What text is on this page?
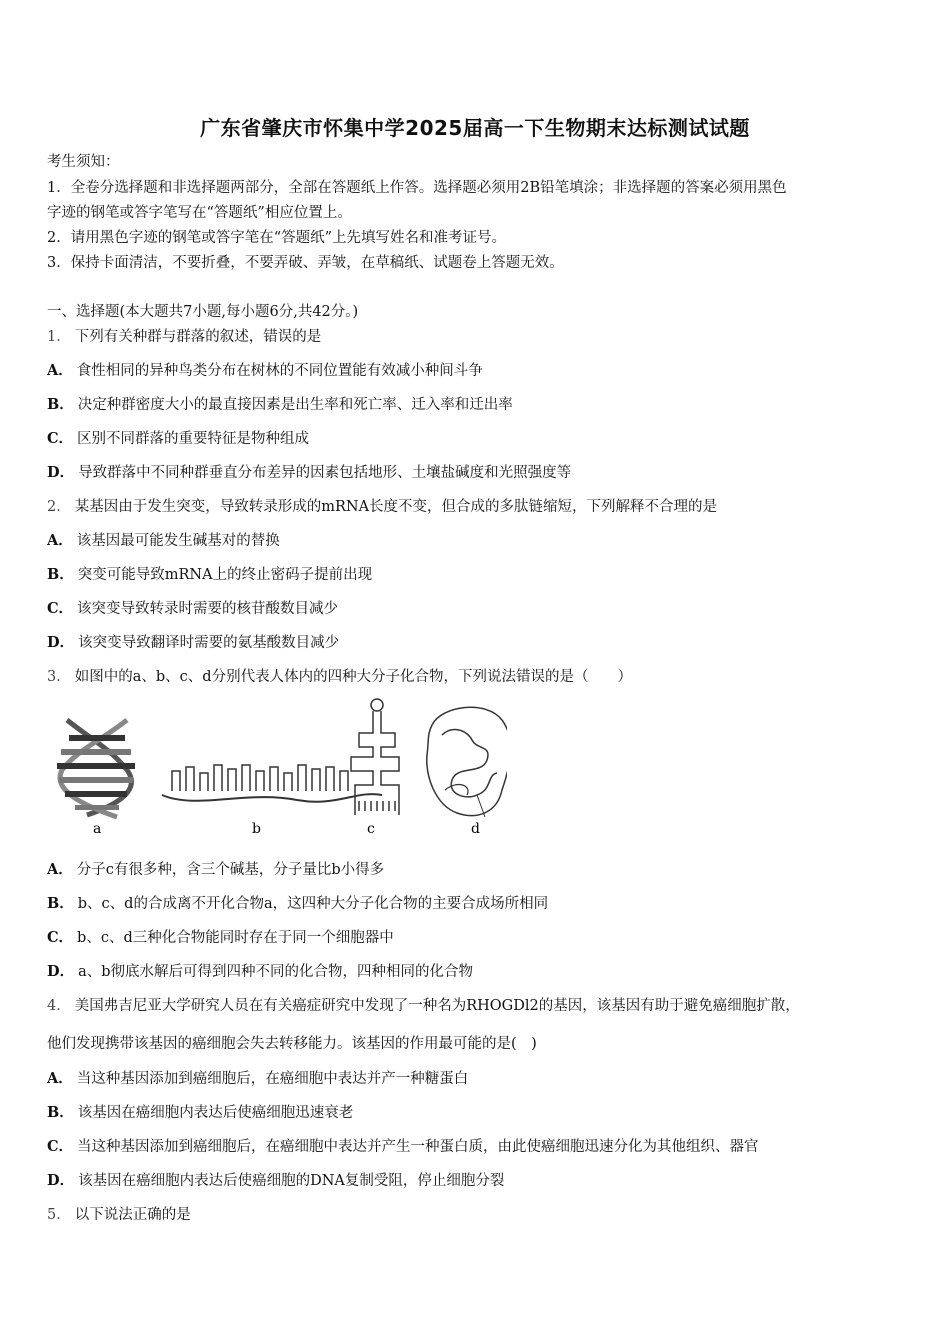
广东省肇庆市怀集中学2025届高一下生物期末达标测试试题
考生须知：
1．全卷分选择题和非选择题两部分，全部在答题纸上作答。选择题必须用2B铅笔填涂；非选择题的答案必须用黑色
字迹的钢笔或答字笔写在“答题纸”相应位置上。
2．请用黑色字迹的钢笔或答字笔在“答题纸”上先填写姓名和准考证号。
3．保持卡面清洁，不要折叠，不要弄破、弄皱，在草稿纸、试题卷上答题无效。
一、选择题(本大题共7小题,每小题6分,共42分。)
1． 下列有关种群与群落的叙述，错误的是
A． 食性相同的异种鸟类分布在树林的不同位置能有效减小种间斗争
B． 决定种群密度大小的最直接因素是出生率和死亡率、迁入率和迁出率
C． 区别不同群落的重要特征是物种组成
D． 导致群落中不同种群垂直分布差异的因素包括地形、土壤盐碱度和光照强度等
2． 某基因由于发生突变，导致转录形成的mRNA长度不变，但合成的多肽链缩短，下列解释不合理的是
A． 该基因最可能发生碱基对的替换
B． 突变可能导致mRNA上的终止密码子提前出现
C． 该突变导致转录时需要的核苷酸数目减少
D． 该突变导致翻译时需要的氨基酸数目减少
3． 如图中的a、b、c、d分别代表人体内的四种大分子化合物，下列说法错误的是（　　）
a	b	c	d
A． 分子c有很多种，含三个碱基，分子量比b小得多
B． b、c、d的合成离不开化合物a，这四种大分子化合物的主要合成场所相同
C． b、c、d三种化合物能同时存在于同一个细胞器中
D． a、b彻底水解后可得到四种不同的化合物，四种相同的化合物
4． 美国弗吉尼亚大学研究人员在有关癌症研究中发现了一种名为RHOGDl2的基因，该基因有助于避免癌细胞扩散，
他们发现携带该基因的癌细胞会失去转移能力。该基因的作用最可能的是(　)
A． 当这种基因添加到癌细胞后，在癌细胞中表达并产一种糖蛋白
B． 该基因在癌细胞内表达后使癌细胞迅速衰老
C． 当这种基因添加到癌细胞后，在癌细胞中表达并产生一种蛋白质，由此使癌细胞迅速分化为其他组织、器官
D． 该基因在癌细胞内表达后使癌细胞的DNA复制受阻，停止细胞分裂
5． 以下说法正确的是
